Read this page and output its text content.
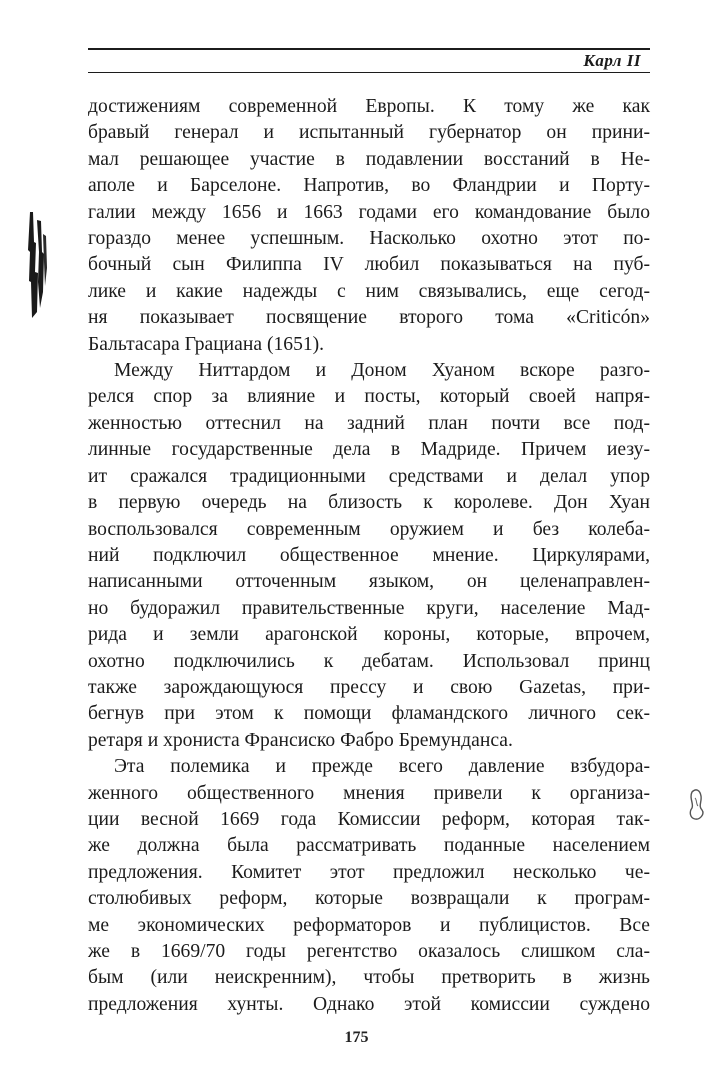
Карл II

достижениям современной Европы. К тому же как

бравый генерал и испытанный губернатор он прини-

мал решающее участие в подавлении восстаний в Не-

аполе и Барселоне. Напротив, во Фландрии и Порту-

галии между 1656 и 1663 годами его командование было

гораздо менее успешным. Насколько охотно этот по-

бочный сын Филиппа IV любил показываться на пуб-

лике и какие надежды с ним связывались, еще сегод-

ня показывает посвящение второго тома «Criticón»

Бальтасара Грациана (1651).

Между Ниттардом и Доном Хуаном вскоре разго-

релся спор за влияние и посты, который своей напря-

женностью оттеснил на задний план почти все под-

линные государственные дела в Мадриде. Причем иезу-

ит сражался традиционными средствами и делал упор

в первую очередь на близость к королеве. Дон Хуан

воспользовался современным оружием и без колеба-

ний подключил общественное мнение. Циркулярами,

написанными отточенным языком, он целенаправлен-

но будоражил правительственные круги, население Мад-

рида и земли арагонской короны, которые, впрочем,

охотно подключились к дебатам. Использовал принц

также зарождающуюся прессу и свою Gazetas, при-

бегнув при этом к помощи фламандского личного сек-

ретаря и хрониста Франсиско Фабро Бремунданса.

Эта полемика и прежде всего давление взбудора-

женного общественного мнения привели к организа-

ции весной 1669 года Комиссии реформ, которая так-

же должна была рассматривать поданные населением

предложения. Комитет этот предложил несколько че-

столюбивых реформ, которые возвращали к програм-

ме экономических реформаторов и публицистов. Все

же в 1669/70 годы регентство оказалось слишком сла-

бым (или неискренним), чтобы претворить в жизнь

предложения хунты. Однако этой комиссии суждено

175
